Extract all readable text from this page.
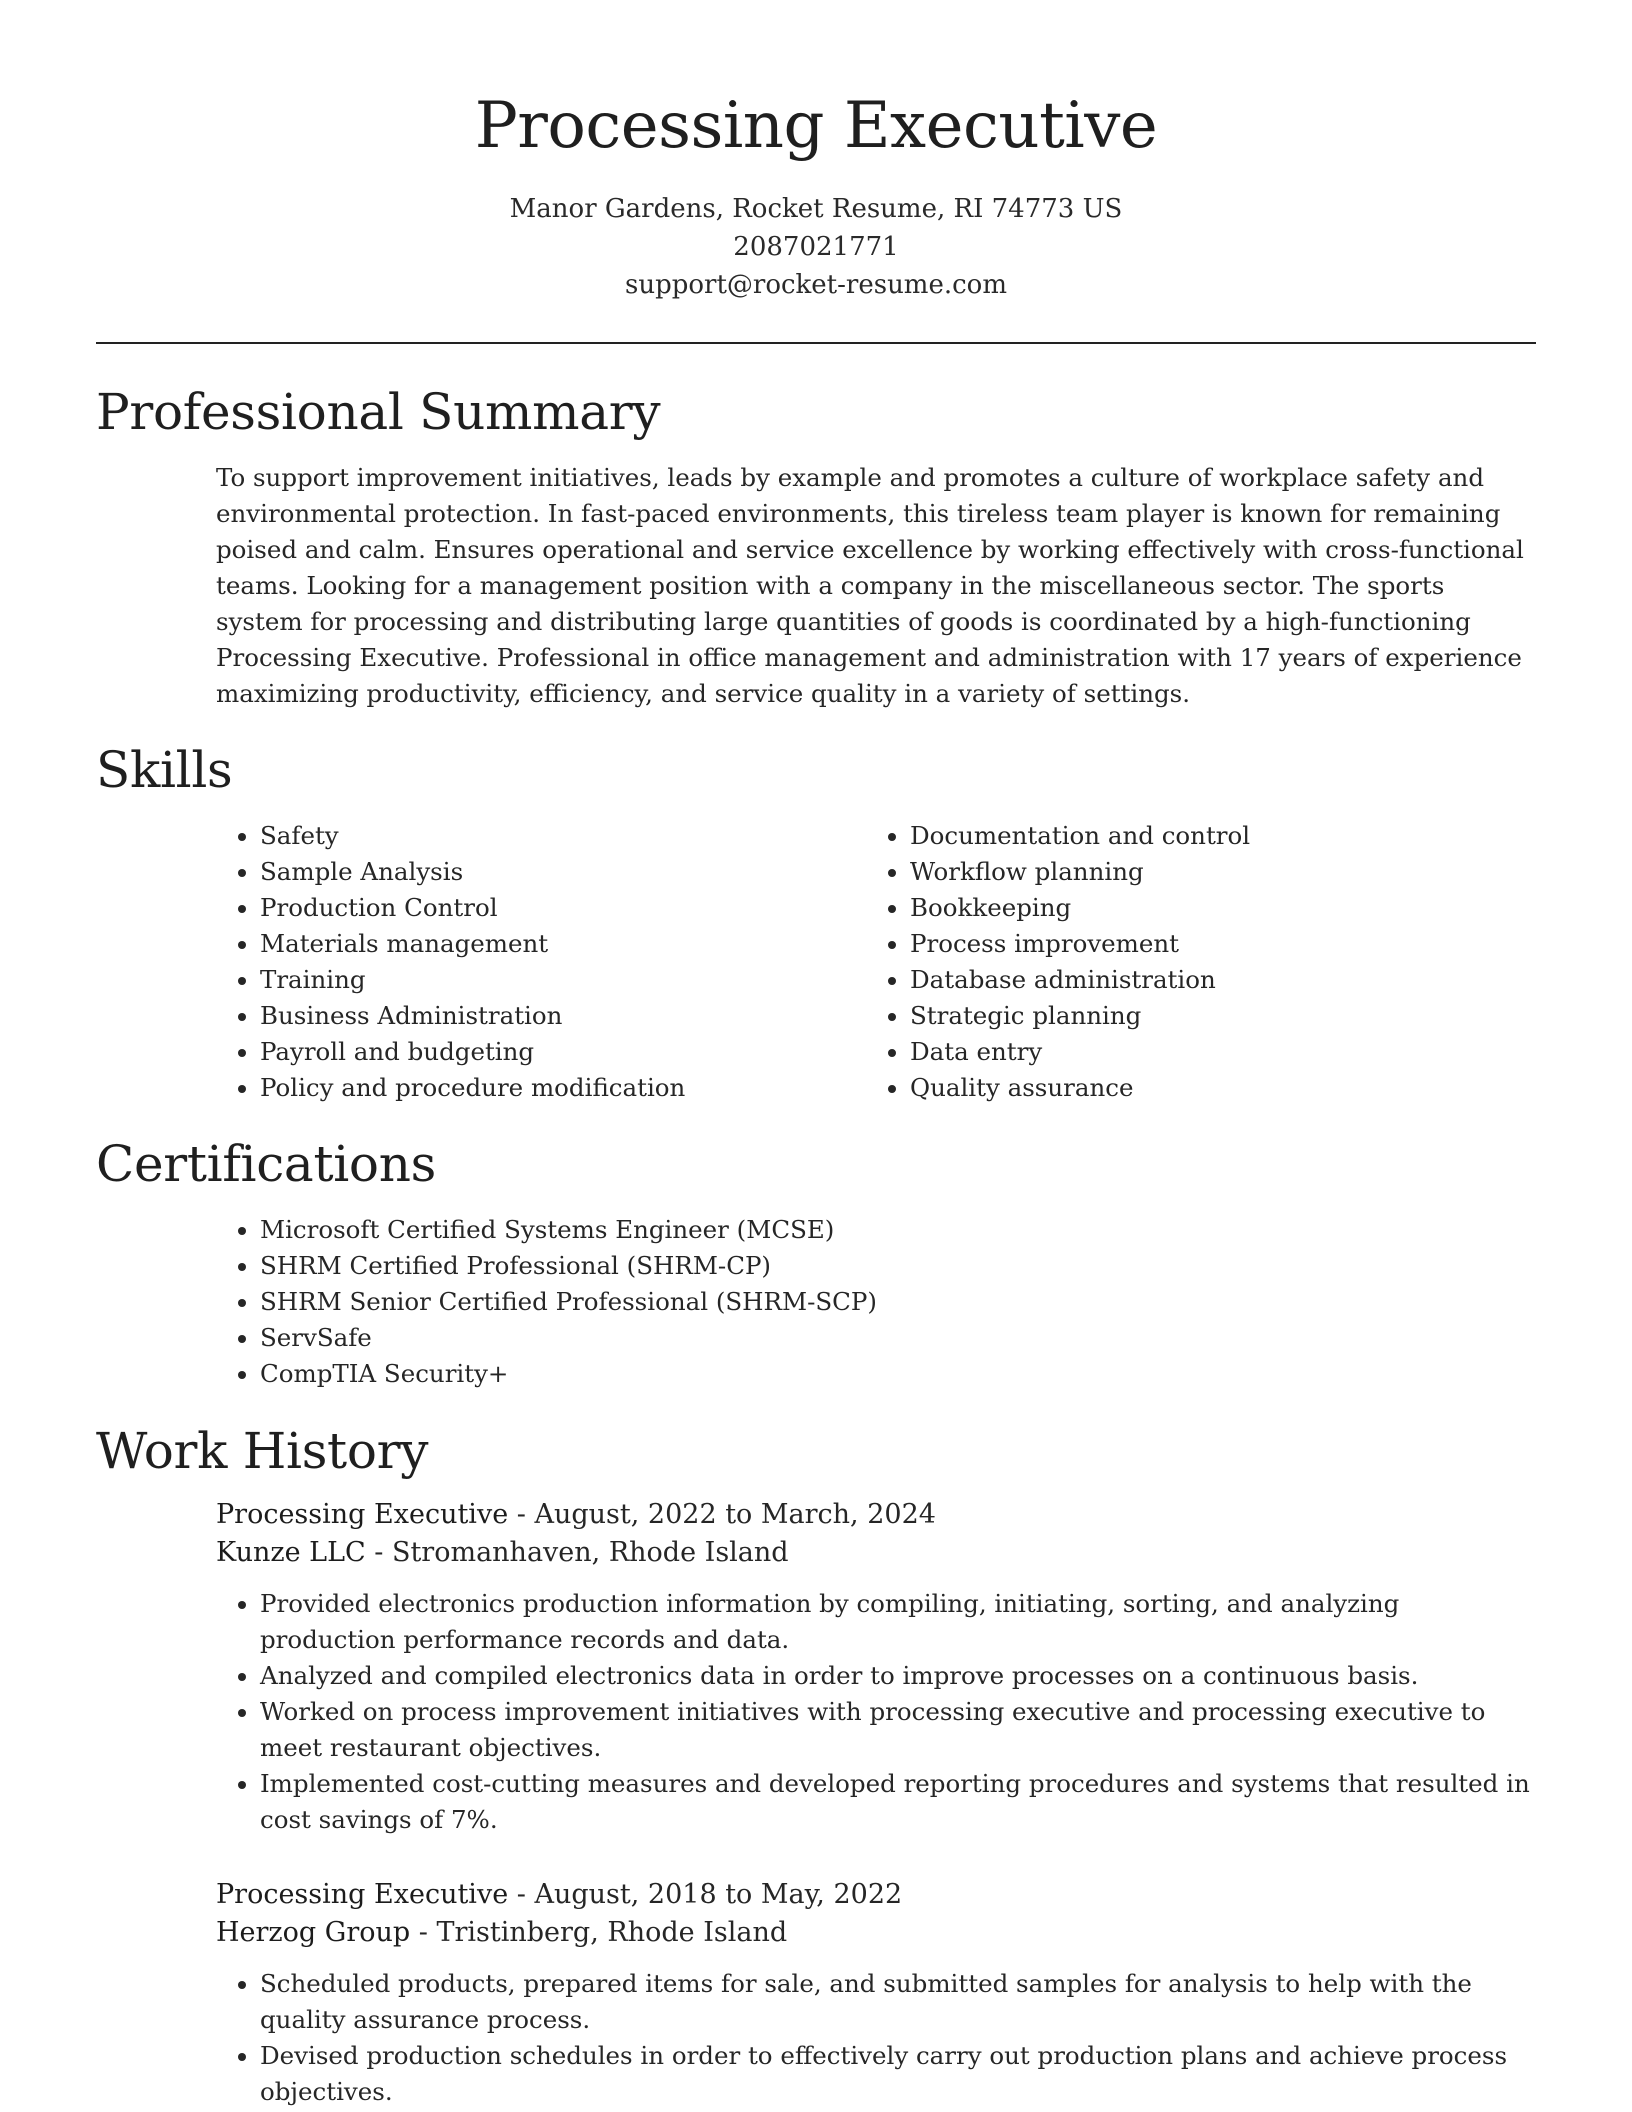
Processing Executive
Manor Gardens, Rocket Resume, RI 74773 US
2087021771
support@rocket-resume.com
Professional Summary

To support improvement initiatives, leads by example and promotes a culture of workplace safety and environmental protection. In fast-paced environments, this tireless team player is known for remaining poised and calm. Ensures operational and service excellence by working effectively with cross-functional teams. Looking for a management position with a company in the miscellaneous sector. The sports system for processing and distributing large quantities of goods is coordinated by a high-functioning Processing Executive. Professional in office management and administration with 17 years of experience maximizing productivity, efficiency, and service quality in a variety of settings.

Skills
• Safety
• Sample Analysis
• Production Control
• Materials management
• Training
• Business Administration
• Payroll and budgeting
• Policy and procedure modification
• Documentation and control
• Workflow planning
• Bookkeeping
• Process improvement
• Database administration
• Strategic planning
• Data entry
• Quality assurance
Certifications
• Microsoft Certified Systems Engineer (MCSE)
• SHRM Certified Professional (SHRM-CP)
• SHRM Senior Certified Professional (SHRM-SCP)
• ServSafe
• CompTIA Security+
Work History
Processing Executive - August, 2022 to March, 2024
Kunze LLC - Stromanhaven, Rhode Island
• Provided electronics production information by compiling, initiating, sorting, and analyzing production performance records and data.
• Analyzed and compiled electronics data in order to improve processes on a continuous basis.
• Worked on process improvement initiatives with processing executive and processing executive to meet restaurant objectives.
• Implemented cost-cutting measures and developed reporting procedures and systems that resulted in cost savings of 7%.
Processing Executive - August, 2018 to May, 2022
Herzog Group - Tristinberg, Rhode Island
• Scheduled products, prepared items for sale, and submitted samples for analysis to help with the quality assurance process.
• Devised production schedules in order to effectively carry out production plans and achieve process objectives.
